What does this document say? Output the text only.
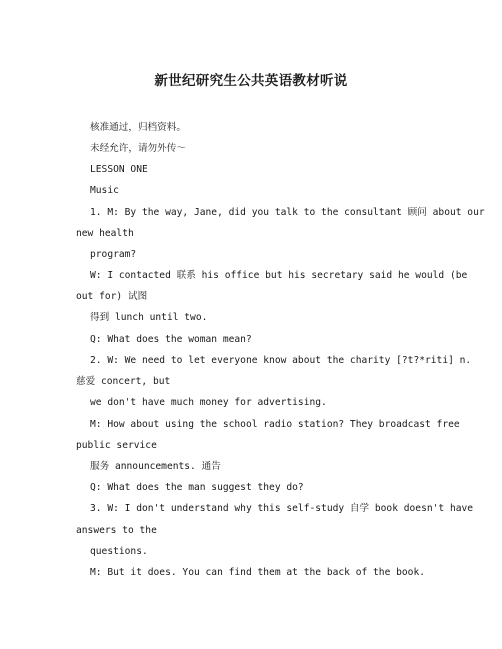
新世纪研究生公共英语教材听说
核准通过，归档资料。
未经允许，请勿外传～
LESSON ONE
Music
1. M: By the way, Jane, did you talk to the consultant 顾问 about our
new health
program?
W: I contacted 联系 his office but his secretary said he would (be
out for) 试图
得到 lunch until two.
Q: What does the woman mean?
2. W: We need to let everyone know about the charity [?t?*riti] n.
慈爱 concert, but
we don't have much money for advertising.
M: How about using the school radio station? They broadcast free
public service
服务 announcements. 通告
Q: What does the man suggest they do?
3. W: I don't understand why this self-study 自学 book doesn't have
answers to the
questions.
M: But it does. You can find them at the back of the book.
